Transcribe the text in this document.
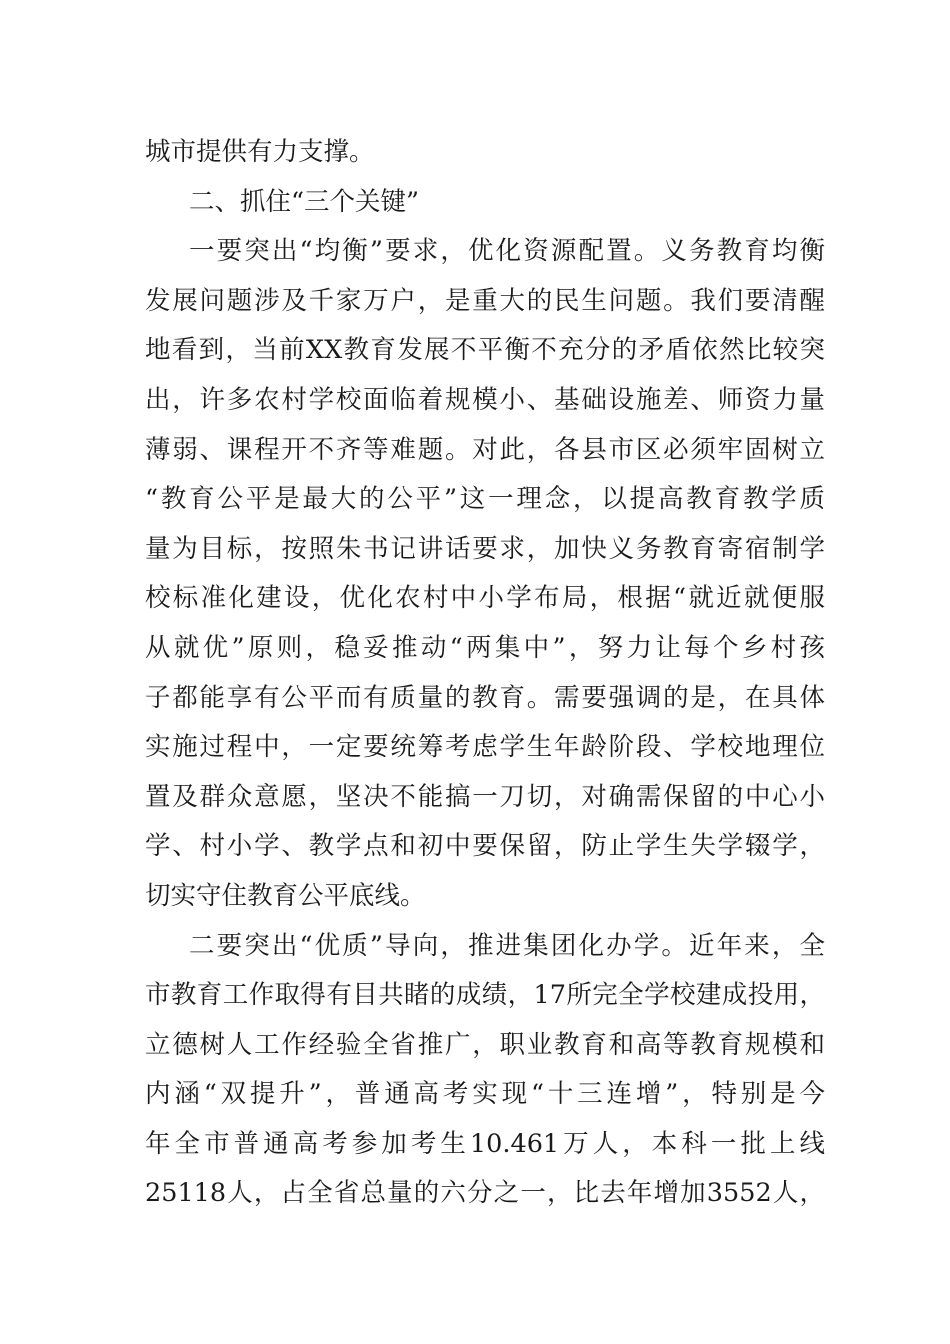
城市提供有力支撑。
二、抓住“三个关键”
一要突出“均衡”要求，优化资源配置。义务教育均衡
发展问题涉及千家万户，是重大的民生问题。我们要清醒
地看到，当前XX教育发展不平衡不充分的矛盾依然比较突
出，许多农村学校面临着规模小、基础设施差、师资力量
薄弱、课程开不齐等难题。对此，各县市区必须牢固树立
“教育公平是最大的公平”这一理念，以提高教育教学质
量为目标，按照朱书记讲话要求，加快义务教育寄宿制学
校标准化建设，优化农村中小学布局，根据“就近就便服
从就优”原则，稳妥推动“两集中”，努力让每个乡村孩
子都能享有公平而有质量的教育。需要强调的是，在具体
实施过程中，一定要统筹考虑学生年龄阶段、学校地理位
置及群众意愿，坚决不能搞一刀切，对确需保留的中心小
学、村小学、教学点和初中要保留，防止学生失学辍学，
切实守住教育公平底线。
二要突出“优质”导向，推进集团化办学。近年来，全
市教育工作取得有目共睹的成绩，17所完全学校建成投用，
立德树人工作经验全省推广，职业教育和高等教育规模和
内涵“双提升”，普通高考实现“十三连增”，特别是今
年全市普通高考参加考生10.461万人，本科一批上线
25118人，占全省总量的六分之一，比去年增加3552人，
